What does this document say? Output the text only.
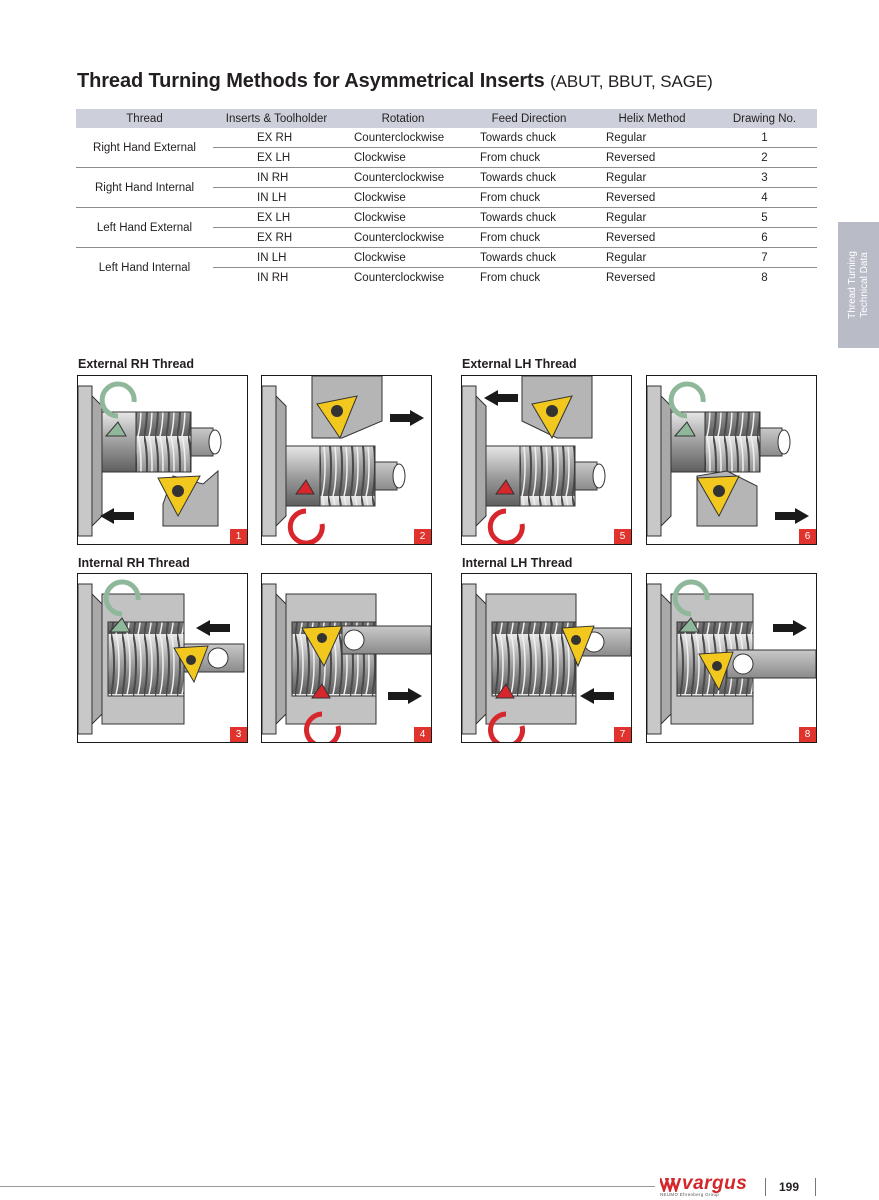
Thread Turning Methods for Asymmetrical Inserts (ABUT, BBUT, SAGE)
Thread	Inserts & Toolholder	Rotation	Feed Direction	Helix Method	Drawing No.
Right Hand External	EX RH	Counterclockwise	Towards chuck	Regular	1
	EX LH	Clockwise	From chuck	Reversed	2
Right Hand Internal	IN RH	Counterclockwise	Towards chuck	Regular	3
	IN LH	Clockwise	From chuck	Reversed	4
Left Hand External	EX LH	Clockwise	Towards chuck	Regular	5
	EX RH	Counterclockwise	From chuck	Reversed	6
Left Hand Internal	IN LH	Clockwise	Towards chuck	Regular	7
	IN RH	Counterclockwise	From chuck	Reversed	8	Thread Turning Technical Data
External RH Thread	External LH Thread
Internal RH Thread	Internal LH Thread
1	2	5	6
3	4	7	8
vargus
NEUMO Ehrenberg Group
199
